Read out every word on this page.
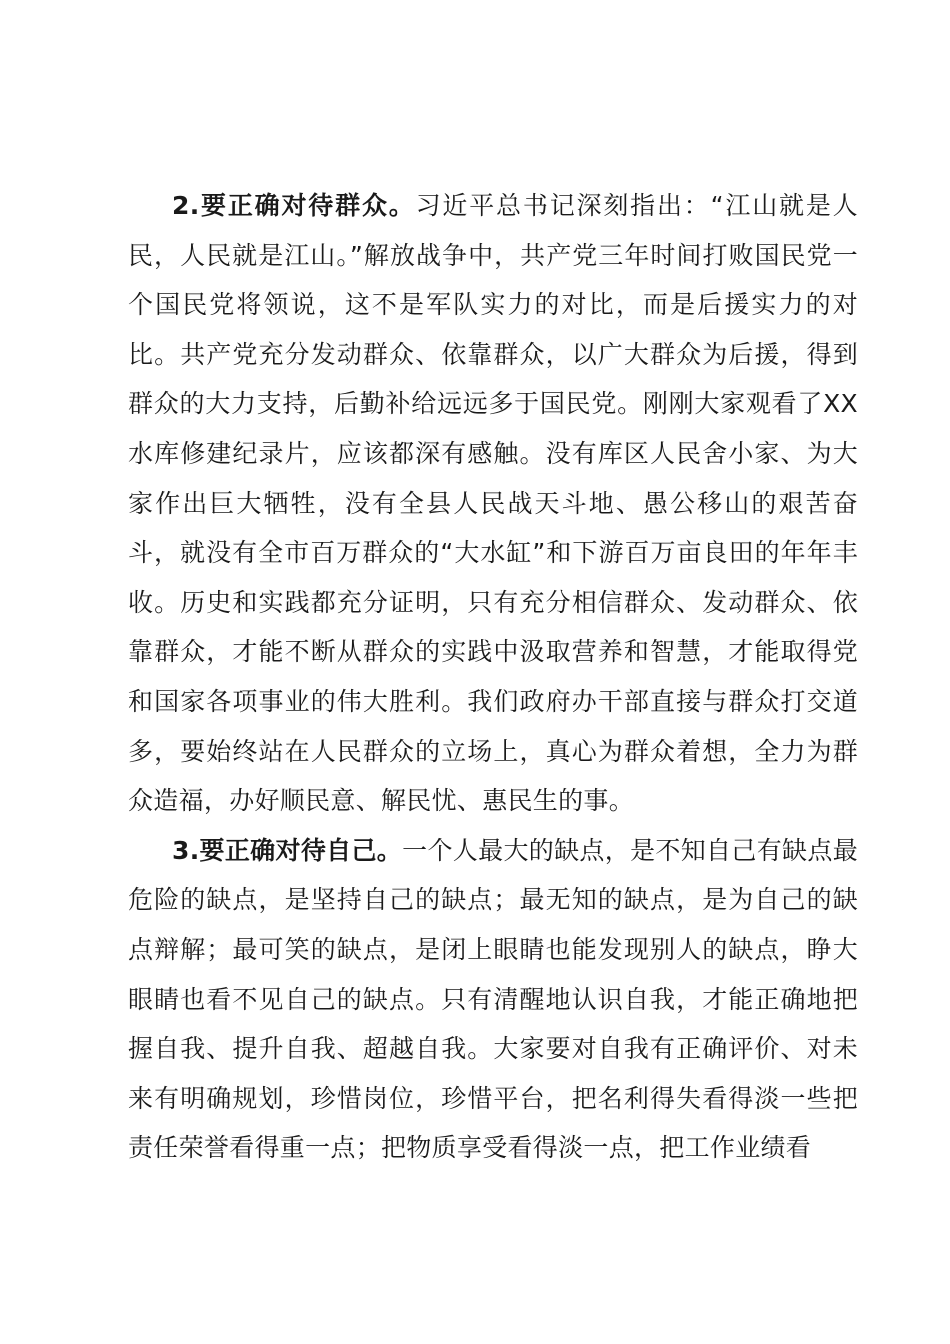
2.要正确对待群众。习近平总书记深刻指出：“江山就是人民，人民就是江山。”解放战争中，共产党三年时间打败国民党一个国民党将领说，这不是军队实力的对比，而是后援实力的对比。共产党充分发动群众、依靠群众，以广大群众为后援，得到群众的大力支持，后勤补给远远多于国民党。刚刚大家观看了XX水库修建纪录片，应该都深有感触。没有库区人民舍小家、为大家作出巨大牺牲，没有全县人民战天斗地、愚公移山的艰苦奋斗，就没有全市百万群众的“大水缸”和下游百万亩良田的年年丰收。历史和实践都充分证明，只有充分相信群众、发动群众、依靠群众，才能不断从群众的实践中汲取营养和智慧，才能取得党和国家各项事业的伟大胜利。我们政府办干部直接与群众打交道多，要始终站在人民群众的立场上，真心为群众着想，全力为群众造福，办好顺民意、解民忧、惠民生的事。

3.要正确对待自己。一个人最大的缺点，是不知自己有缺点最危险的缺点，是坚持自己的缺点；最无知的缺点，是为自己的缺点辩解；最可笑的缺点，是闭上眼睛也能发现别人的缺点，睁大眼睛也看不见自己的缺点。只有清醒地认识自我，才能正确地把握自我、提升自我、超越自我。大家要对自我有正确评价、对未来有明确规划，珍惜岗位，珍惜平台，把名利得失看得淡一些把责任荣誉看得重一点；把物质享受看得淡一点，把工作业绩看
